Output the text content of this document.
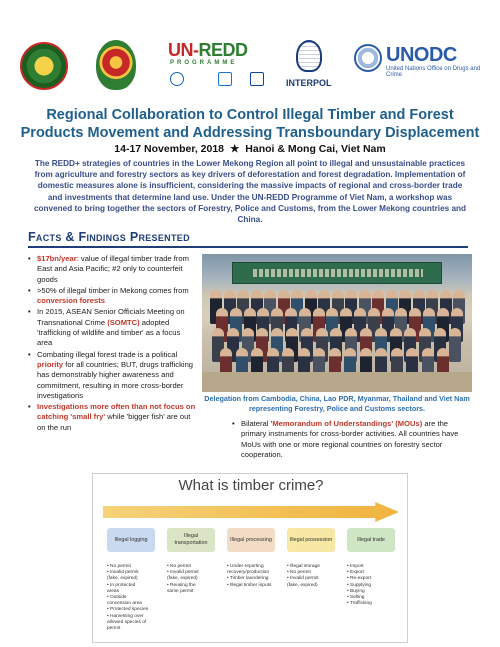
UN-REDD
PROGRAMME
INTERPOL
UNODC
United Nations Office on Drugs and Crime
Regional Collaboration to Control Illegal Timber and Forest
Products Movement and Addressing Transboundary Displacement
14-17 November, 2018 ★ Hanoi & Mong Cai, Viet Nam
The REDD+ strategies of countries in the Lower Mekong Region all point to illegal and unsustainable practices from agriculture and forestry sectors as key drivers of deforestation and forest degradation. Implementation of domestic measures alone is insufficient, considering the massive impacts of regional and cross-border trade and investments that determine land use. Under the UN-REDD Programme of Viet Nam, a workshop was convened to bring together the sectors of Forestry, Police and Customs, from the Lower Mekong countries and China.
Facts & Findings Presented
• $17bn/year: value of illegal timber trade from East and Asia Pacific; #2 only to counterfeit goods
• >50% of illegal timber in Mekong comes from conversion forests
• In 2015, ASEAN Senior Officials Meeting on Transnational Crime (SOMTC) adopted 'trafficking of wildlife and timber' as a focus area
• Combating illegal forest trade is a political priority for all countries; BUT, drugs trafficking has demonstrably higher awareness and commitment, resulting in more cross-border investigations
• Investigations more often than not focus on catching 'small fry' while 'bigger fish' are out on the run
Delegation from Cambodia, China, Lao PDR, Myanmar, Thailand and Viet Nam representing Forestry, Police and Customs sectors.
• Bilateral 'Memorandum of Understandings' (MOUs) are the primary instruments for cross-border activities. All countries have MoUs with one or more regional countries on forestry sector cooperation.
What is timber crime?
Illegal logging
• No permit
• Invalid permit
(fake, expired)
• In protected
areas
• Outside
concession area
• Protected species
• Harvesting over
allowed species of
permit
Illegal transportation
• No permit
• Invalid permit
(fake, expired)
• Reusing the
same permit
Illegal processing
• Under-reporting
recovery/production
• Timber laundering
• Illegal timber inputs
Illegal possession
• Illegal storage
• No permit
• Invalid permit
(fake, expired)
Illegal trade
• Import
• Export
• Re-export
• Supplying
• Buying
• Selling
• Trafficking
